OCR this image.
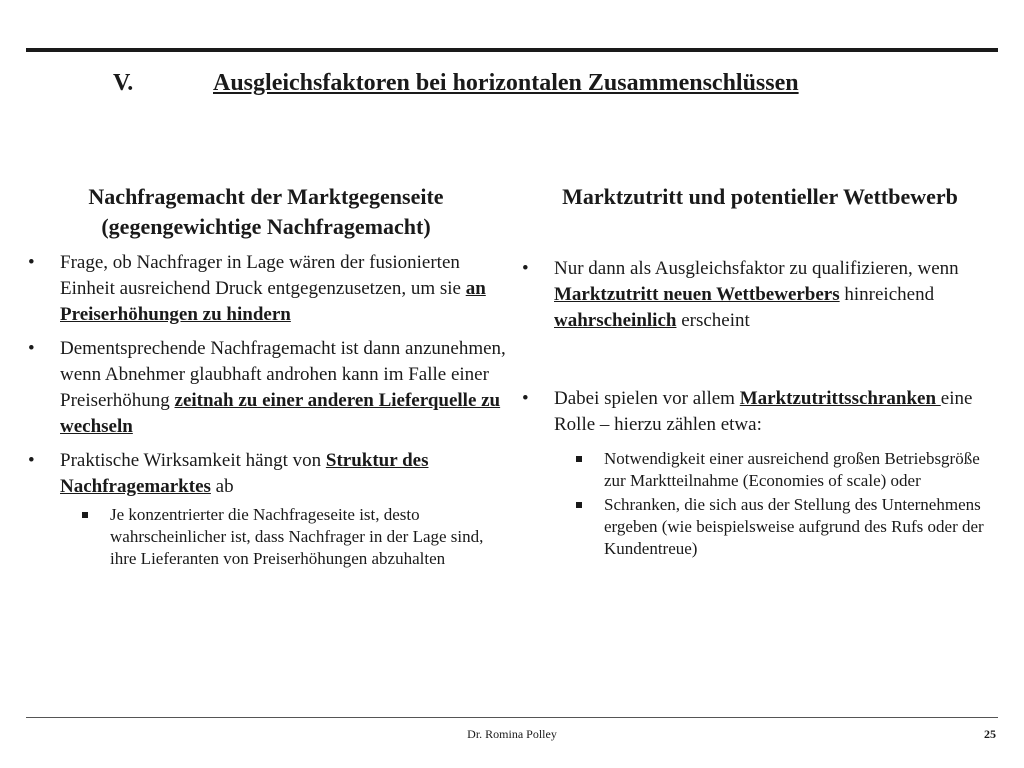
V.	Ausgleichsfaktoren bei horizontalen Zusammenschlüssen

Nachfragemacht der Marktgegenseite
(gegengewichtige Nachfragemacht)

• Frage, ob Nachfrager in Lage wären der fusionierten Einheit ausreichend Druck entgegenzusetzen, um sie an Preiserhöhungen zu hindern
• Dementsprechende Nachfragemacht ist dann anzunehmen, wenn Abnehmer glaubhaft androhen kann im Falle einer Preiserhöhung zeitnah zu einer anderen Lieferquelle zu wechseln
• Praktische Wirksamkeit hängt von Struktur des Nachfragemarktes ab
Je konzentrierter die Nachfrageseite ist, desto wahrscheinlicher ist, dass Nachfrager in der Lage sind, ihre Lieferanten von Preiserhöhungen abzuhalten

Marktzutritt und potentieller Wettbewerb

• Nur dann als Ausgleichsfaktor zu qualifizieren, wenn Marktzutritt neuen Wettbewerbers hinreichend wahrscheinlich erscheint
• Dabei spielen vor allem Marktzutrittsschranken eine Rolle – hierzu zählen etwa:
Notwendigkeit einer ausreichend großen Betriebsgröße zur Marktteilnahme (Economies of scale) oder
Schranken, die sich aus der Stellung des Unternehmens ergeben (wie beispielsweise aufgrund des Rufs oder der Kundentreue)
Dr. Romina Polley	25
